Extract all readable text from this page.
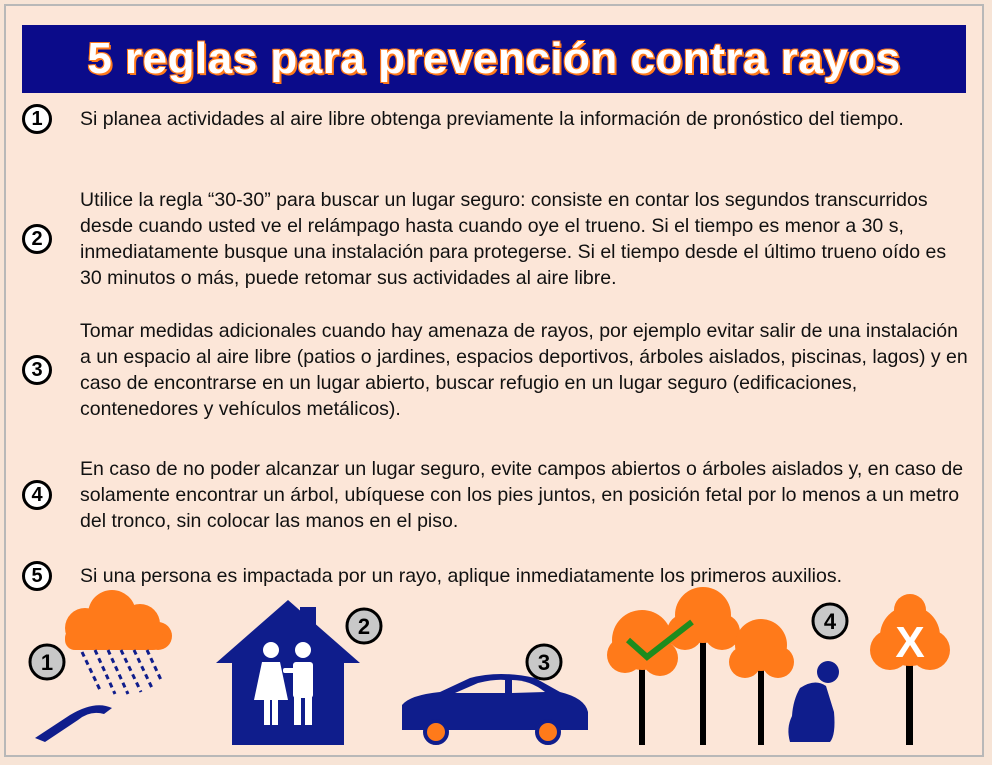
5 reglas para prevención contra rayos
1	Si planea actividades al aire libre obtenga previamente la información de pronóstico del tiempo.
2
Utilice la regla “30-30” para buscar un lugar seguro: consiste en contar los segundos transcurridos desde cuando usted ve el relámpago hasta cuando oye el trueno. Si el tiempo es menor a 30 s, inmediatamente busque una instalación para protegerse. Si el tiempo desde el último trueno oído es 30 minutos o más, puede retomar sus actividades al aire libre.
3
Tomar medidas adicionales cuando hay amenaza de rayos, por ejemplo evitar salir de una instalación a un espacio al aire libre (patios o jardines, espacios deportivos, árboles aislados, piscinas, lagos) y en caso de encontrarse en un lugar abierto, buscar refugio en un lugar seguro (edificaciones, contenedores y vehículos metálicos).
4
En caso de no poder alcanzar un lugar seguro, evite campos abiertos o árboles aislados y, en caso de solamente encontrar un árbol, ubíquese con los pies juntos, en posición fetal por lo menos a un metro del tronco, sin colocar las manos en el piso.
5	Si una persona es impactada por un rayo, aplique inmediatamente los primeros auxilios.
1
2
3
4 X
